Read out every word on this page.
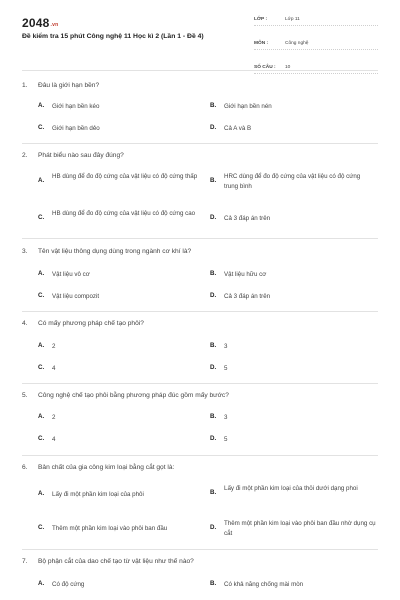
2048.vn
Đề kiểm tra 15 phút Công nghệ 11 Học kì 2 (Lần 1 - Đề 4)
LỚP :	Lớp 11
MÔN :	Công nghệ
SỐ CÂU : 10
1. Đâu là giới hạn bền?
A. Giới hạn bền kéo	B. Giới hạn bền nén
C. Giới hạn bền dẻo	D. Cả A và B
2. Phát biểu nào sau đây đúng?
A.
HB dùng để đo độ cứng của vật liệu có độ cứng thấp
B.
HRC dùng để đo độ cứng của vật liệu có độ cứng trung bình
C.
HB dùng để đo độ cứng của vật liệu có độ cứng cao
D. Cả 3 đáp án trên
3. Tên vật liệu thông dụng dùng trong ngành cơ khí là?
A. Vật liệu vô cơ	B. Vật liệu hữu cơ
C. Vật liệu compozit	D. Cả 3 đáp án trên
4. Có mấy phương pháp chế tạo phôi?
A. 2	B. 3
C. 4	D. 5
5. Công nghệ chế tạo phôi bằng phương pháp đúc gồm mấy bước?
A. 2	B. 3
C. 4	D. 5
6. Bản chất của gia công kim loại bằng cắt gọt là:
A. Lấy đi một phần kim loại của phôi	B.
Lấy đi một phần kim loại của thỏi dưới dạng phoi
C. Thêm một phần kim loại vào phôi ban đầu	D.
Thêm một phần kim loại vào phôi ban đầu nhờ dụng cụ cắt
7. Bộ phận cắt của dao chế tạo từ vật liệu như thế nào?
A. Có độ cứng	B. Có khả năng chống mài mòn
